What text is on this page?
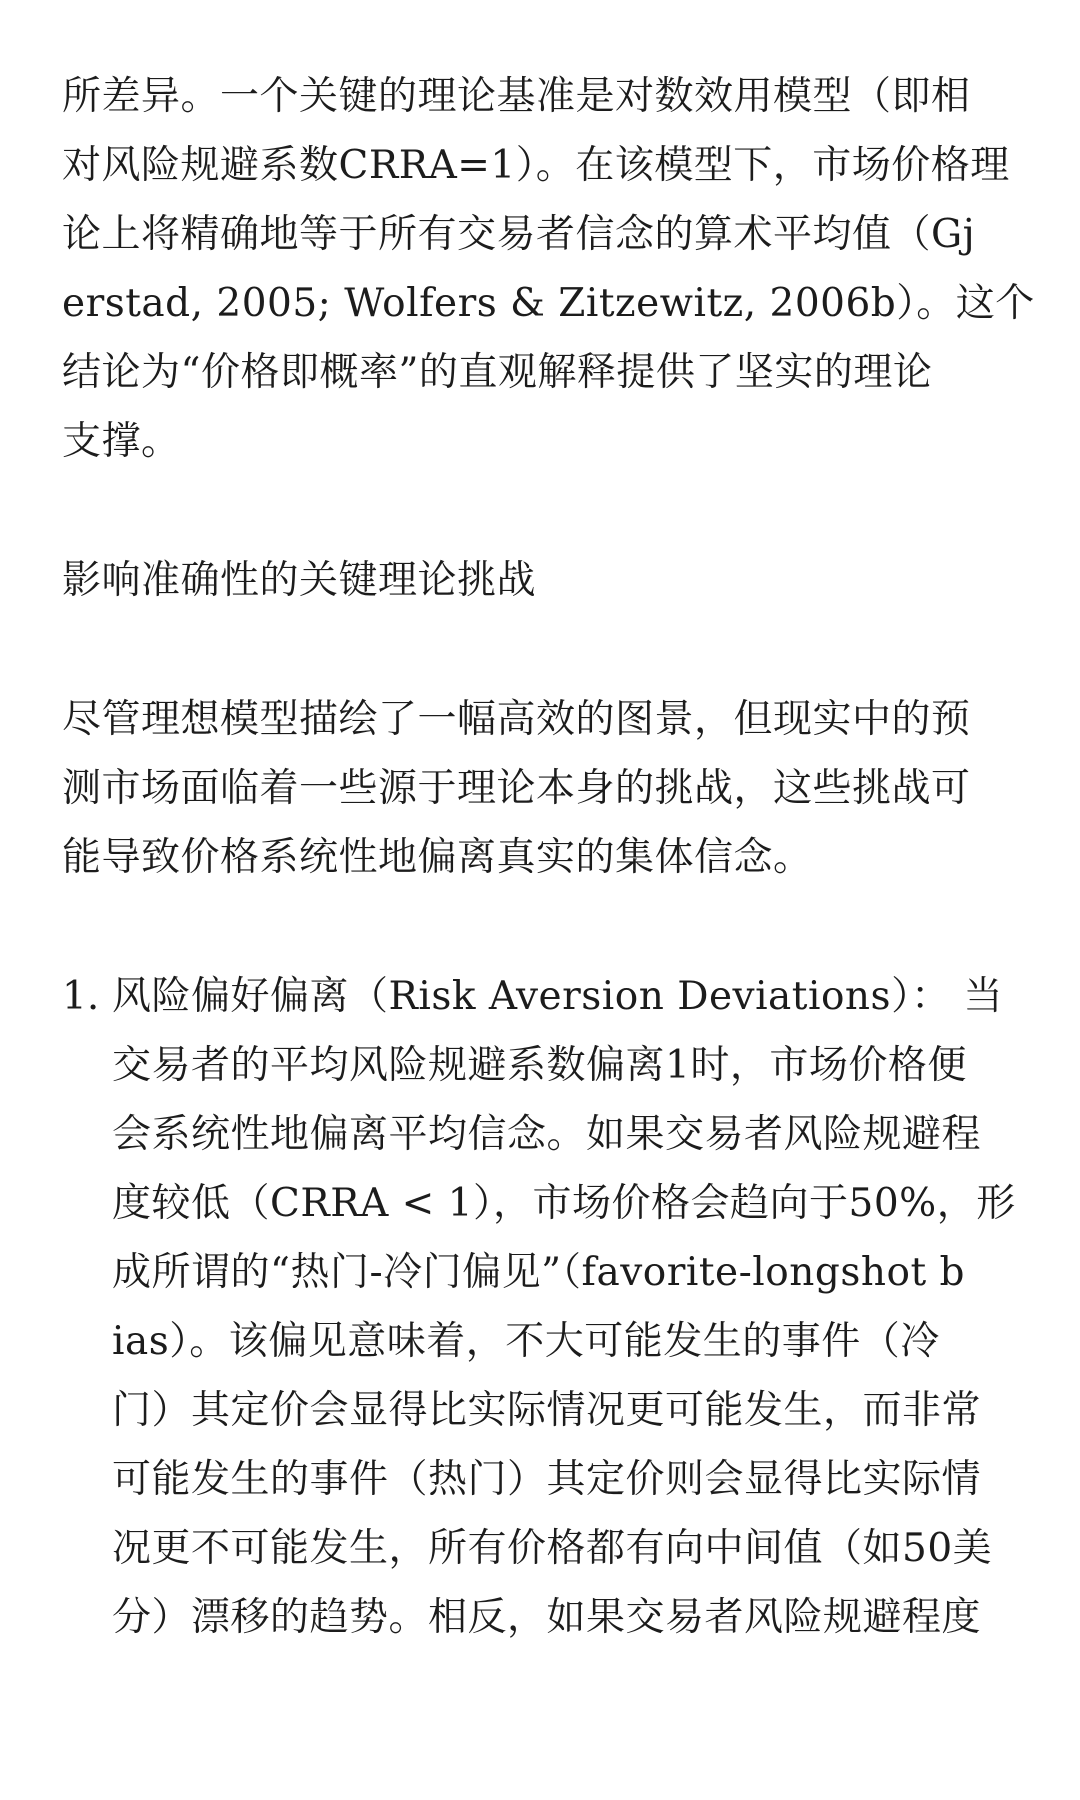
所差异。一个关键的理论基准是对数效用模型（即相
对风险规避系数CRRA=1）。在该模型下，市场价格理
论上将精确地等于所有交易者信念的算术平均值（Gj
erstad, 2005; Wolfers & Zitzewitz, 2006b）。这个
结论为“价格即概率”的直观解释提供了坚实的理论
支撑。
影响准确性的关键理论挑战
尽管理想模型描绘了一幅高效的图景，但现实中的预
测市场面临着一些源于理论本身的挑战，这些挑战可
能导致价格系统性地偏离真实的集体信念。
1. 风险偏好偏离（Risk Aversion Deviations）： 当
交易者的平均风险规避系数偏离1时，市场价格便
会系统性地偏离平均信念。如果交易者风险规避程
度较低（CRRA < 1），市场价格会趋向于50%，形
成所谓的“热门-冷门偏见”（favorite-longshot b
ias）。该偏见意味着，不大可能发生的事件（冷
门）其定价会显得比实际情况更可能发生，而非常
可能发生的事件（热门）其定价则会显得比实际情
况更不可能发生，所有价格都有向中间值（如50美
分）漂移的趋势。相反，如果交易者风险规避程度
